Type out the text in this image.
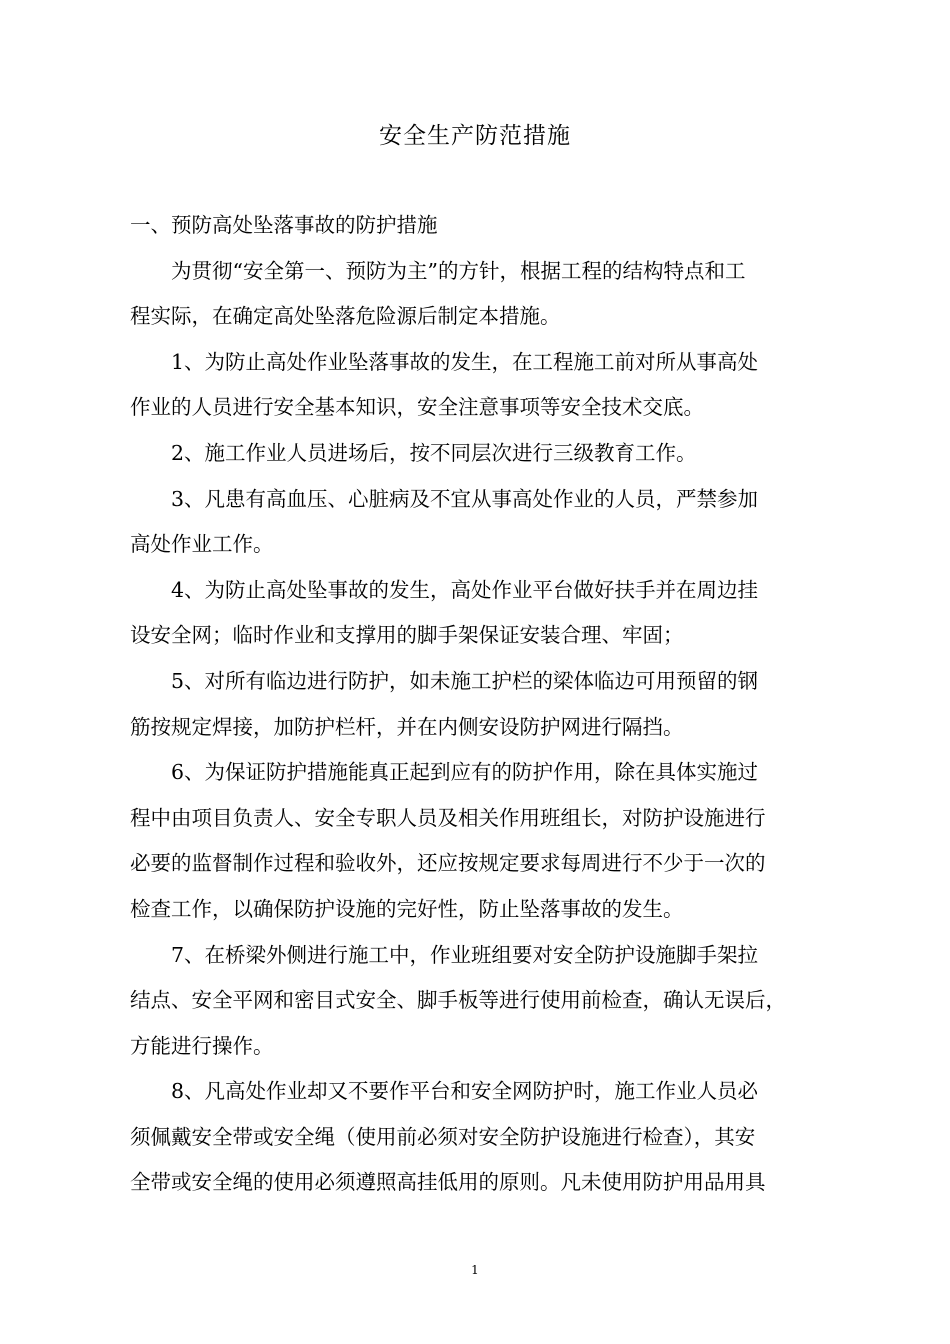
安全生产防范措施
一、预防高处坠落事故的防护措施
为贯彻“安全第一、预防为主”的方针，根据工程的结构特点和工
程实际，在确定高处坠落危险源后制定本措施。
1、为防止高处作业坠落事故的发生，在工程施工前对所从事高处
作业的人员进行安全基本知识，安全注意事项等安全技术交底。
2、施工作业人员进场后，按不同层次进行三级教育工作。
3、凡患有高血压、心脏病及不宜从事高处作业的人员，严禁参加
高处作业工作。
4、为防止高处坠事故的发生，高处作业平台做好扶手并在周边挂
设安全网；临时作业和支撑用的脚手架保证安装合理、牢固；
5、对所有临边进行防护，如未施工护栏的梁体临边可用预留的钢
筋按规定焊接，加防护栏杆，并在内侧安设防护网进行隔挡。
6、为保证防护措施能真正起到应有的防护作用，除在具体实施过
程中由项目负责人、安全专职人员及相关作用班组长，对防护设施进行
必要的监督制作过程和验收外，还应按规定要求每周进行不少于一次的
检查工作，以确保防护设施的完好性，防止坠落事故的发生。
7、在桥梁外侧进行施工中，作业班组要对安全防护设施脚手架拉
结点、安全平网和密目式安全、脚手板等进行使用前检查，确认无误后，
方能进行操作。
8、凡高处作业却又不要作平台和安全网防护时，施工作业人员必
须佩戴安全带或安全绳（使用前必须对安全防护设施进行检查），其安
全带或安全绳的使用必须遵照高挂低用的原则。凡未使用防护用品用具
1
